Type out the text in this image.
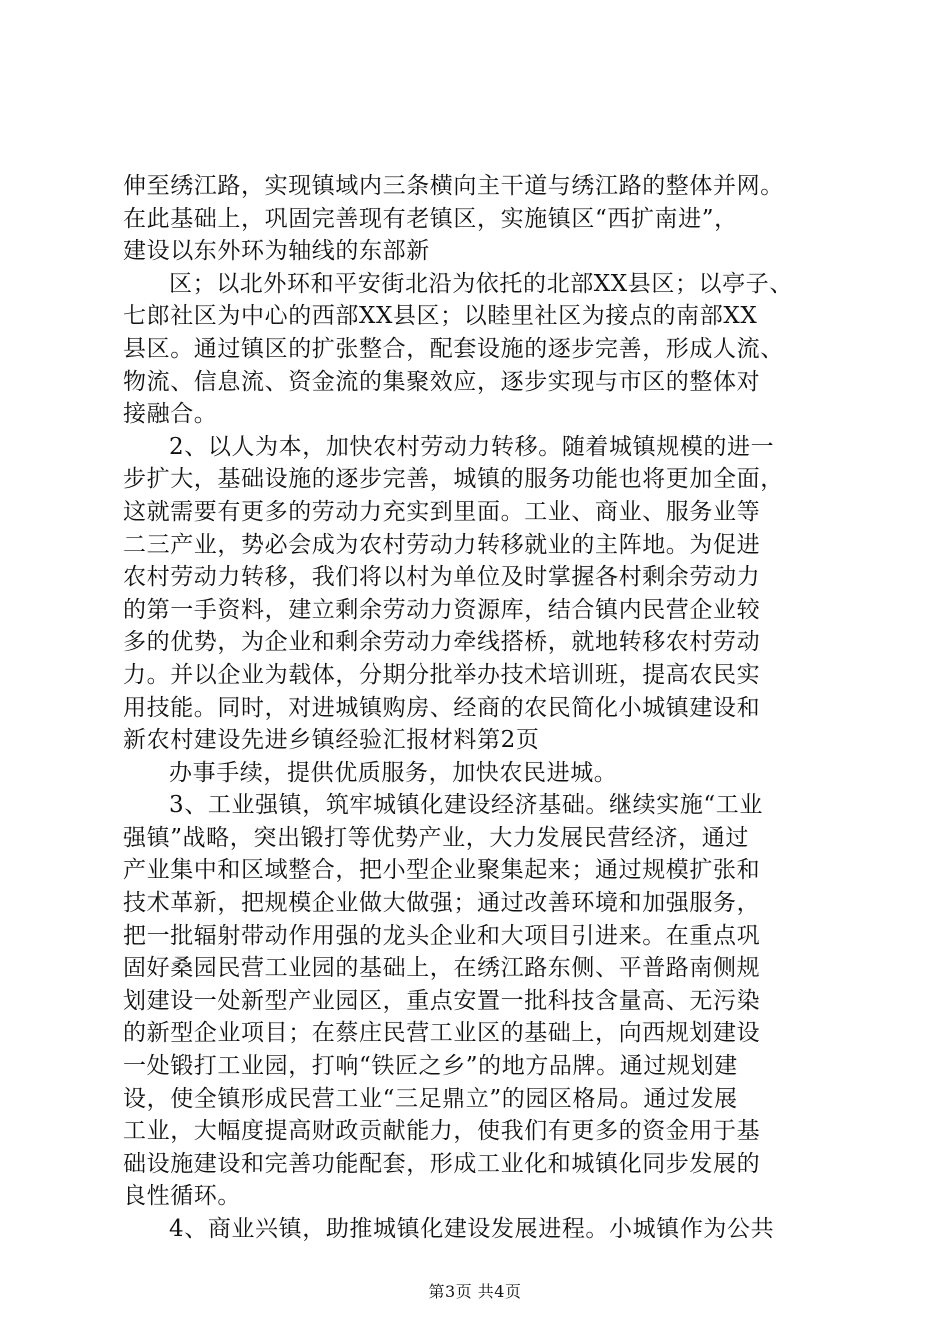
伸至绣江路，实现镇域内三条横向主干道与绣江路的整体并网。
在此基础上，巩固完善现有老镇区，实施镇区“西扩南进”，
建设以东外环为轴线的东部新
区；以北外环和平安街北沿为依托的北部XX县区；以亭子、
七郎社区为中心的西部XX县区；以睦里社区为接点的南部XX
县区。通过镇区的扩张整合，配套设施的逐步完善，形成人流、
物流、信息流、资金流的集聚效应，逐步实现与市区的整体对
接融合。
2、以人为本，加快农村劳动力转移。随着城镇规模的进一
步扩大，基础设施的逐步完善，城镇的服务功能也将更加全面，
这就需要有更多的劳动力充实到里面。工业、商业、服务业等
二三产业，势必会成为农村劳动力转移就业的主阵地。为促进
农村劳动力转移，我们将以村为单位及时掌握各村剩余劳动力
的第一手资料，建立剩余劳动力资源库，结合镇内民营企业较
多的优势，为企业和剩余劳动力牵线搭桥，就地转移农村劳动
力。并以企业为载体，分期分批举办技术培训班，提高农民实
用技能。同时，对进城镇购房、经商的农民简化小城镇建设和
新农村建设先进乡镇经验汇报材料第2页
办事手续，提供优质服务，加快农民进城。
3、工业强镇，筑牢城镇化建设经济基础。继续实施“工业
强镇”战略，突出锻打等优势产业，大力发展民营经济，通过
产业集中和区域整合，把小型企业聚集起来；通过规模扩张和
技术革新，把规模企业做大做强；通过改善环境和加强服务，
把一批辐射带动作用强的龙头企业和大项目引进来。在重点巩
固好桑园民营工业园的基础上，在绣江路东侧、平普路南侧规
划建设一处新型产业园区，重点安置一批科技含量高、无污染
的新型企业项目；在蔡庄民营工业区的基础上，向西规划建设
一处锻打工业园，打响“铁匠之乡”的地方品牌。通过规划建
设，使全镇形成民营工业“三足鼎立”的园区格局。通过发展
工业，大幅度提高财政贡献能力，使我们有更多的资金用于基
础设施建设和完善功能配套，形成工业化和城镇化同步发展的
良性循环。
4、商业兴镇，助推城镇化建设发展进程。小城镇作为公共
第3页 共4页
